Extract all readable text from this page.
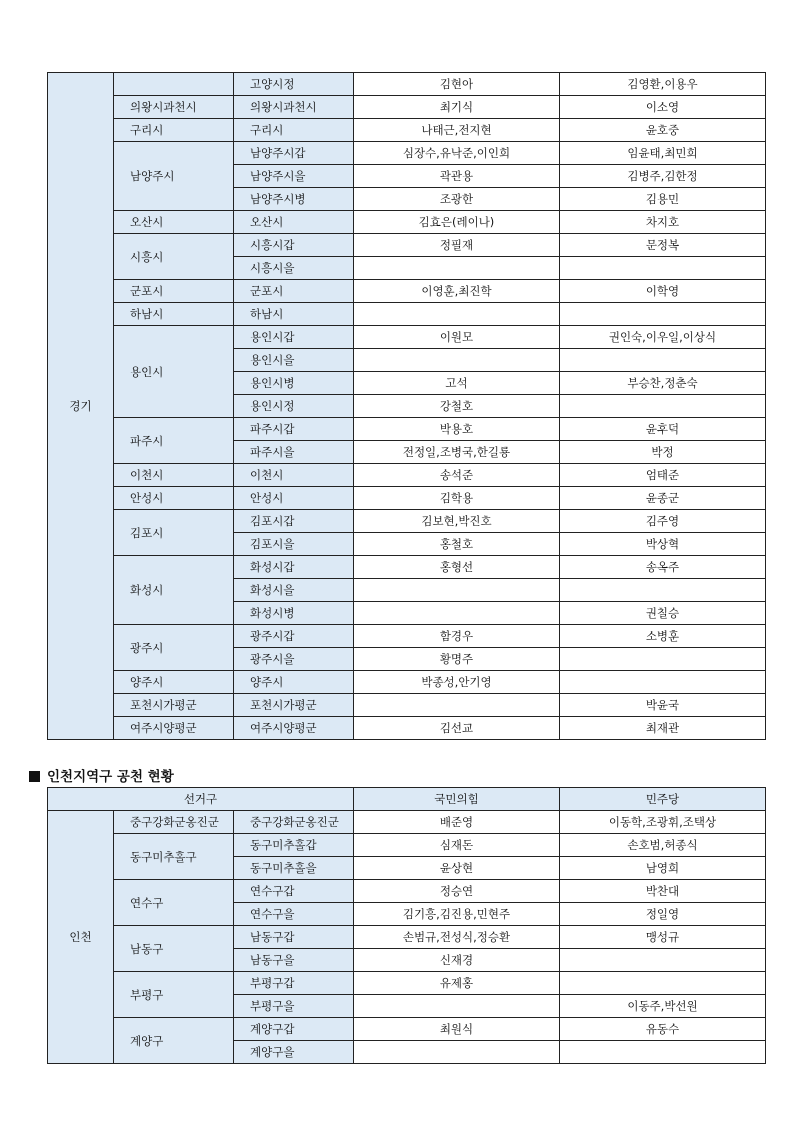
경기		고양시정	김현아	김영환,이용우
	의왕시과천시	의왕시과천시	최기식	이소영
	구리시	구리시	나태근,전지현	윤호중
	남양주시	남양주시갑	심장수,유낙준,이인희	임윤태,최민희
		남양주시을	곽관용	김병주,김한정
		남양주시병	조광한	김용민
	오산시	오산시	김효은(레이나)	차지호
	시흥시	시흥시갑	정필재	문정복
		시흥시을		
	군포시	군포시	이영훈,최진학	이학영
	하남시	하남시		
	용인시	용인시갑	이원모	권인숙,이우일,이상식
		용인시을		
		용인시병	고석	부승찬,정춘숙
		용인시정	강철호	
	파주시	파주시갑	박용호	윤후덕
		파주시을	전정일,조병국,한길룡	박정
	이천시	이천시	송석준	엄태준
	안성시	안성시	김학용	윤종군
	김포시	김포시갑	김보현,박진호	김주영
		김포시을	홍철호	박상혁
	화성시	화성시갑	홍형선	송옥주
		화성시을		
		화성시병		권칠승
	광주시	광주시갑	함경우	소병훈
		광주시을	황명주	
	양주시	양주시	박종성,안기영	
	포천시가평군	포천시가평군		박윤국
	여주시양평군	여주시양평군	김선교	최재관
인천지역구 공천 현황
선거구			국민의힘	민주당
인천	중구강화군옹진군	중구강화군옹진군	배준영	이동학,조광휘,조택상
	동구미추홀구	동구미추홀갑	심재돈	손호범,허종식
		동구미추홀을	윤상현	남영희
	연수구	연수구갑	정승연	박찬대
		연수구을	김기흥,김진용,민현주	정일영
	남동구	남동구갑	손범규,전성식,정승환	맹성규
		남동구을	신재경	
	부평구	부평구갑	유제홍	
		부평구을		이동주,박선원
	계양구	계양구갑	최원식	유동수
		계양구을		
